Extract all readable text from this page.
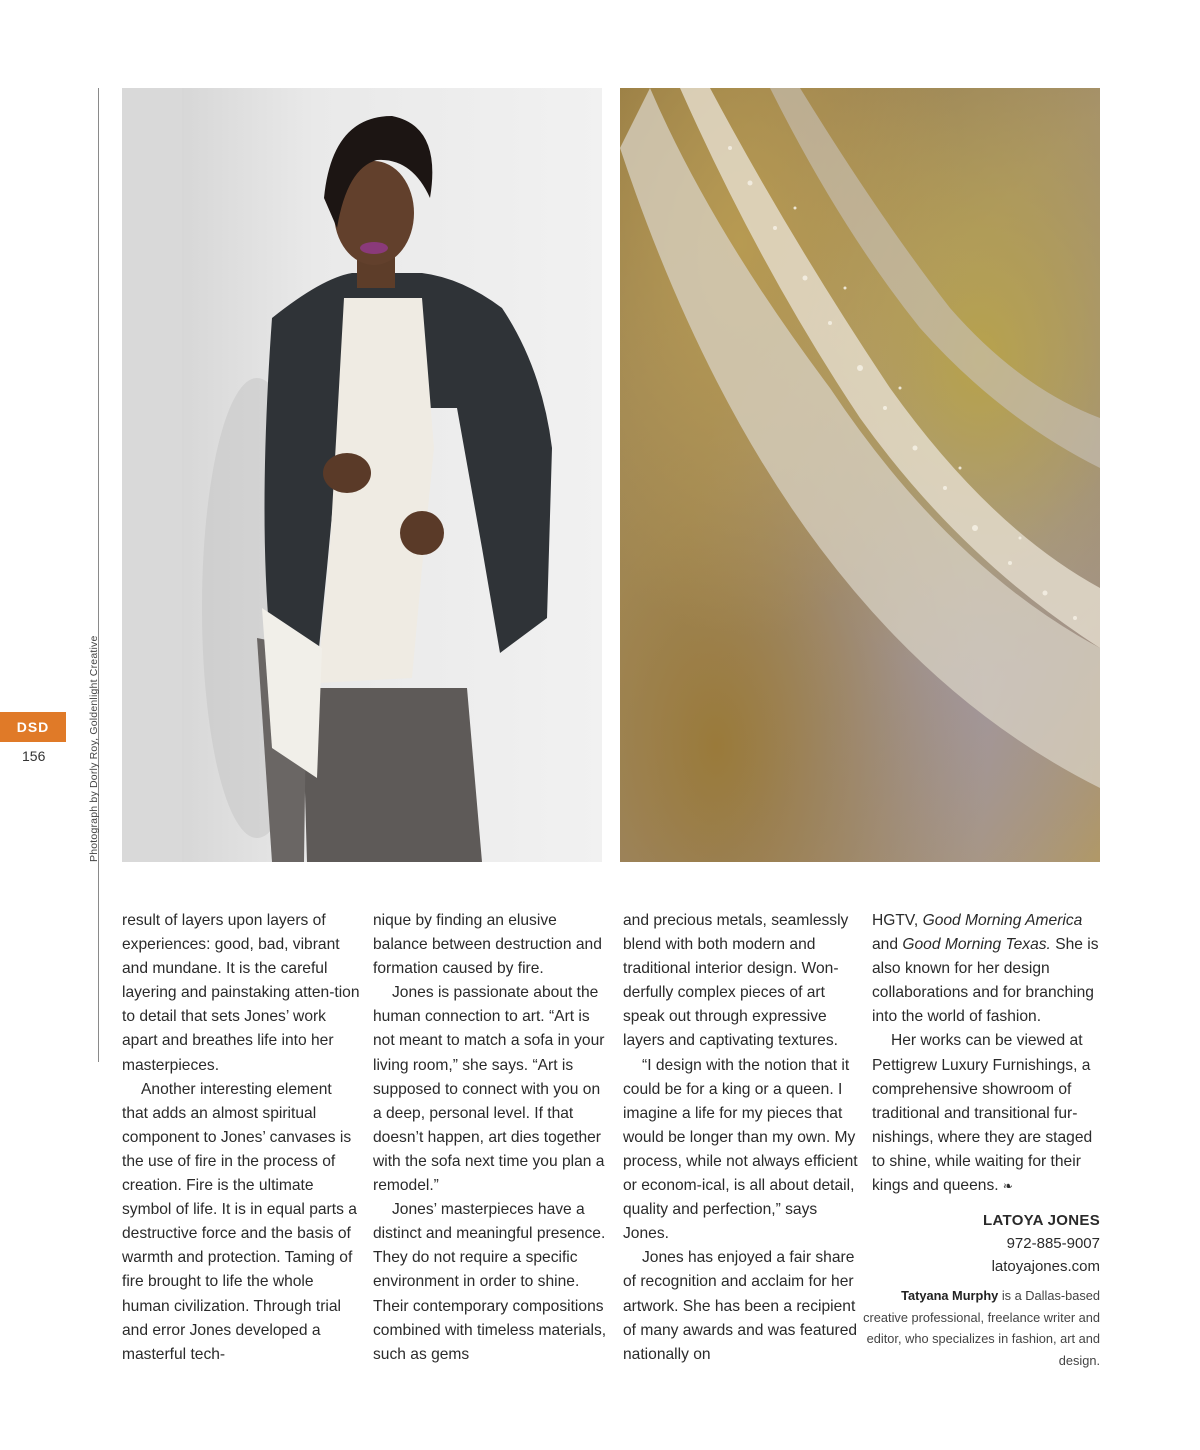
Photograph by Dorly Roy, Goldenlight Creative
DSD
156

result of layers upon layers of experiences: good, bad, vibrant and mundane. It is the careful layering and painstaking atten-tion to detail that sets Jones’ work apart and breathes life into her masterpieces.

Another interesting element that adds an almost spiritual component to Jones’ canvases is the use of fire in the process of creation. Fire is the ultimate symbol of life. It is in equal parts a destructive force and the basis of warmth and protection. Taming of fire brought to life the whole human civilization. Through trial and error Jones developed a masterful tech-

nique by finding an elusive balance between destruction and formation caused by fire.

Jones is passionate about the human connection to art. “Art is not meant to match a sofa in your living room,” she says. “Art is supposed to connect with you on a deep, personal level. If that doesn’t happen, art dies together with the sofa next time you plan a remodel.”

Jones’ masterpieces have a distinct and meaningful presence. They do not require a specific environment in order to shine. Their contemporary compositions combined with timeless materials, such as gems

and precious metals, seamlessly blend with both modern and traditional interior design. Won-derfully complex pieces of art speak out through expressive layers and captivating textures.

“I design with the notion that it could be for a king or a queen. I imagine a life for my pieces that would be longer than my own. My process, while not always efficient or econom-ical, is all about detail, quality and perfection,” says Jones.

Jones has enjoyed a fair share of recognition and acclaim for her artwork. She has been a recipient of many awards and was featured nationally on

HGTV, Good Morning America and Good Morning Texas. She is also known for her design collaborations and for branching into the world of fashion.

Her works can be viewed at Pettigrew Luxury Furnishings, a comprehensive showroom of traditional and transitional fur-nishings, where they are staged to shine, while waiting for their kings and queens. ❧

LATOYA JONES
972-885-9007
latoyajones.com
Tatyana Murphy is a Dallas-based creative professional, freelance writer and editor, who specializes in fashion, art and design.
